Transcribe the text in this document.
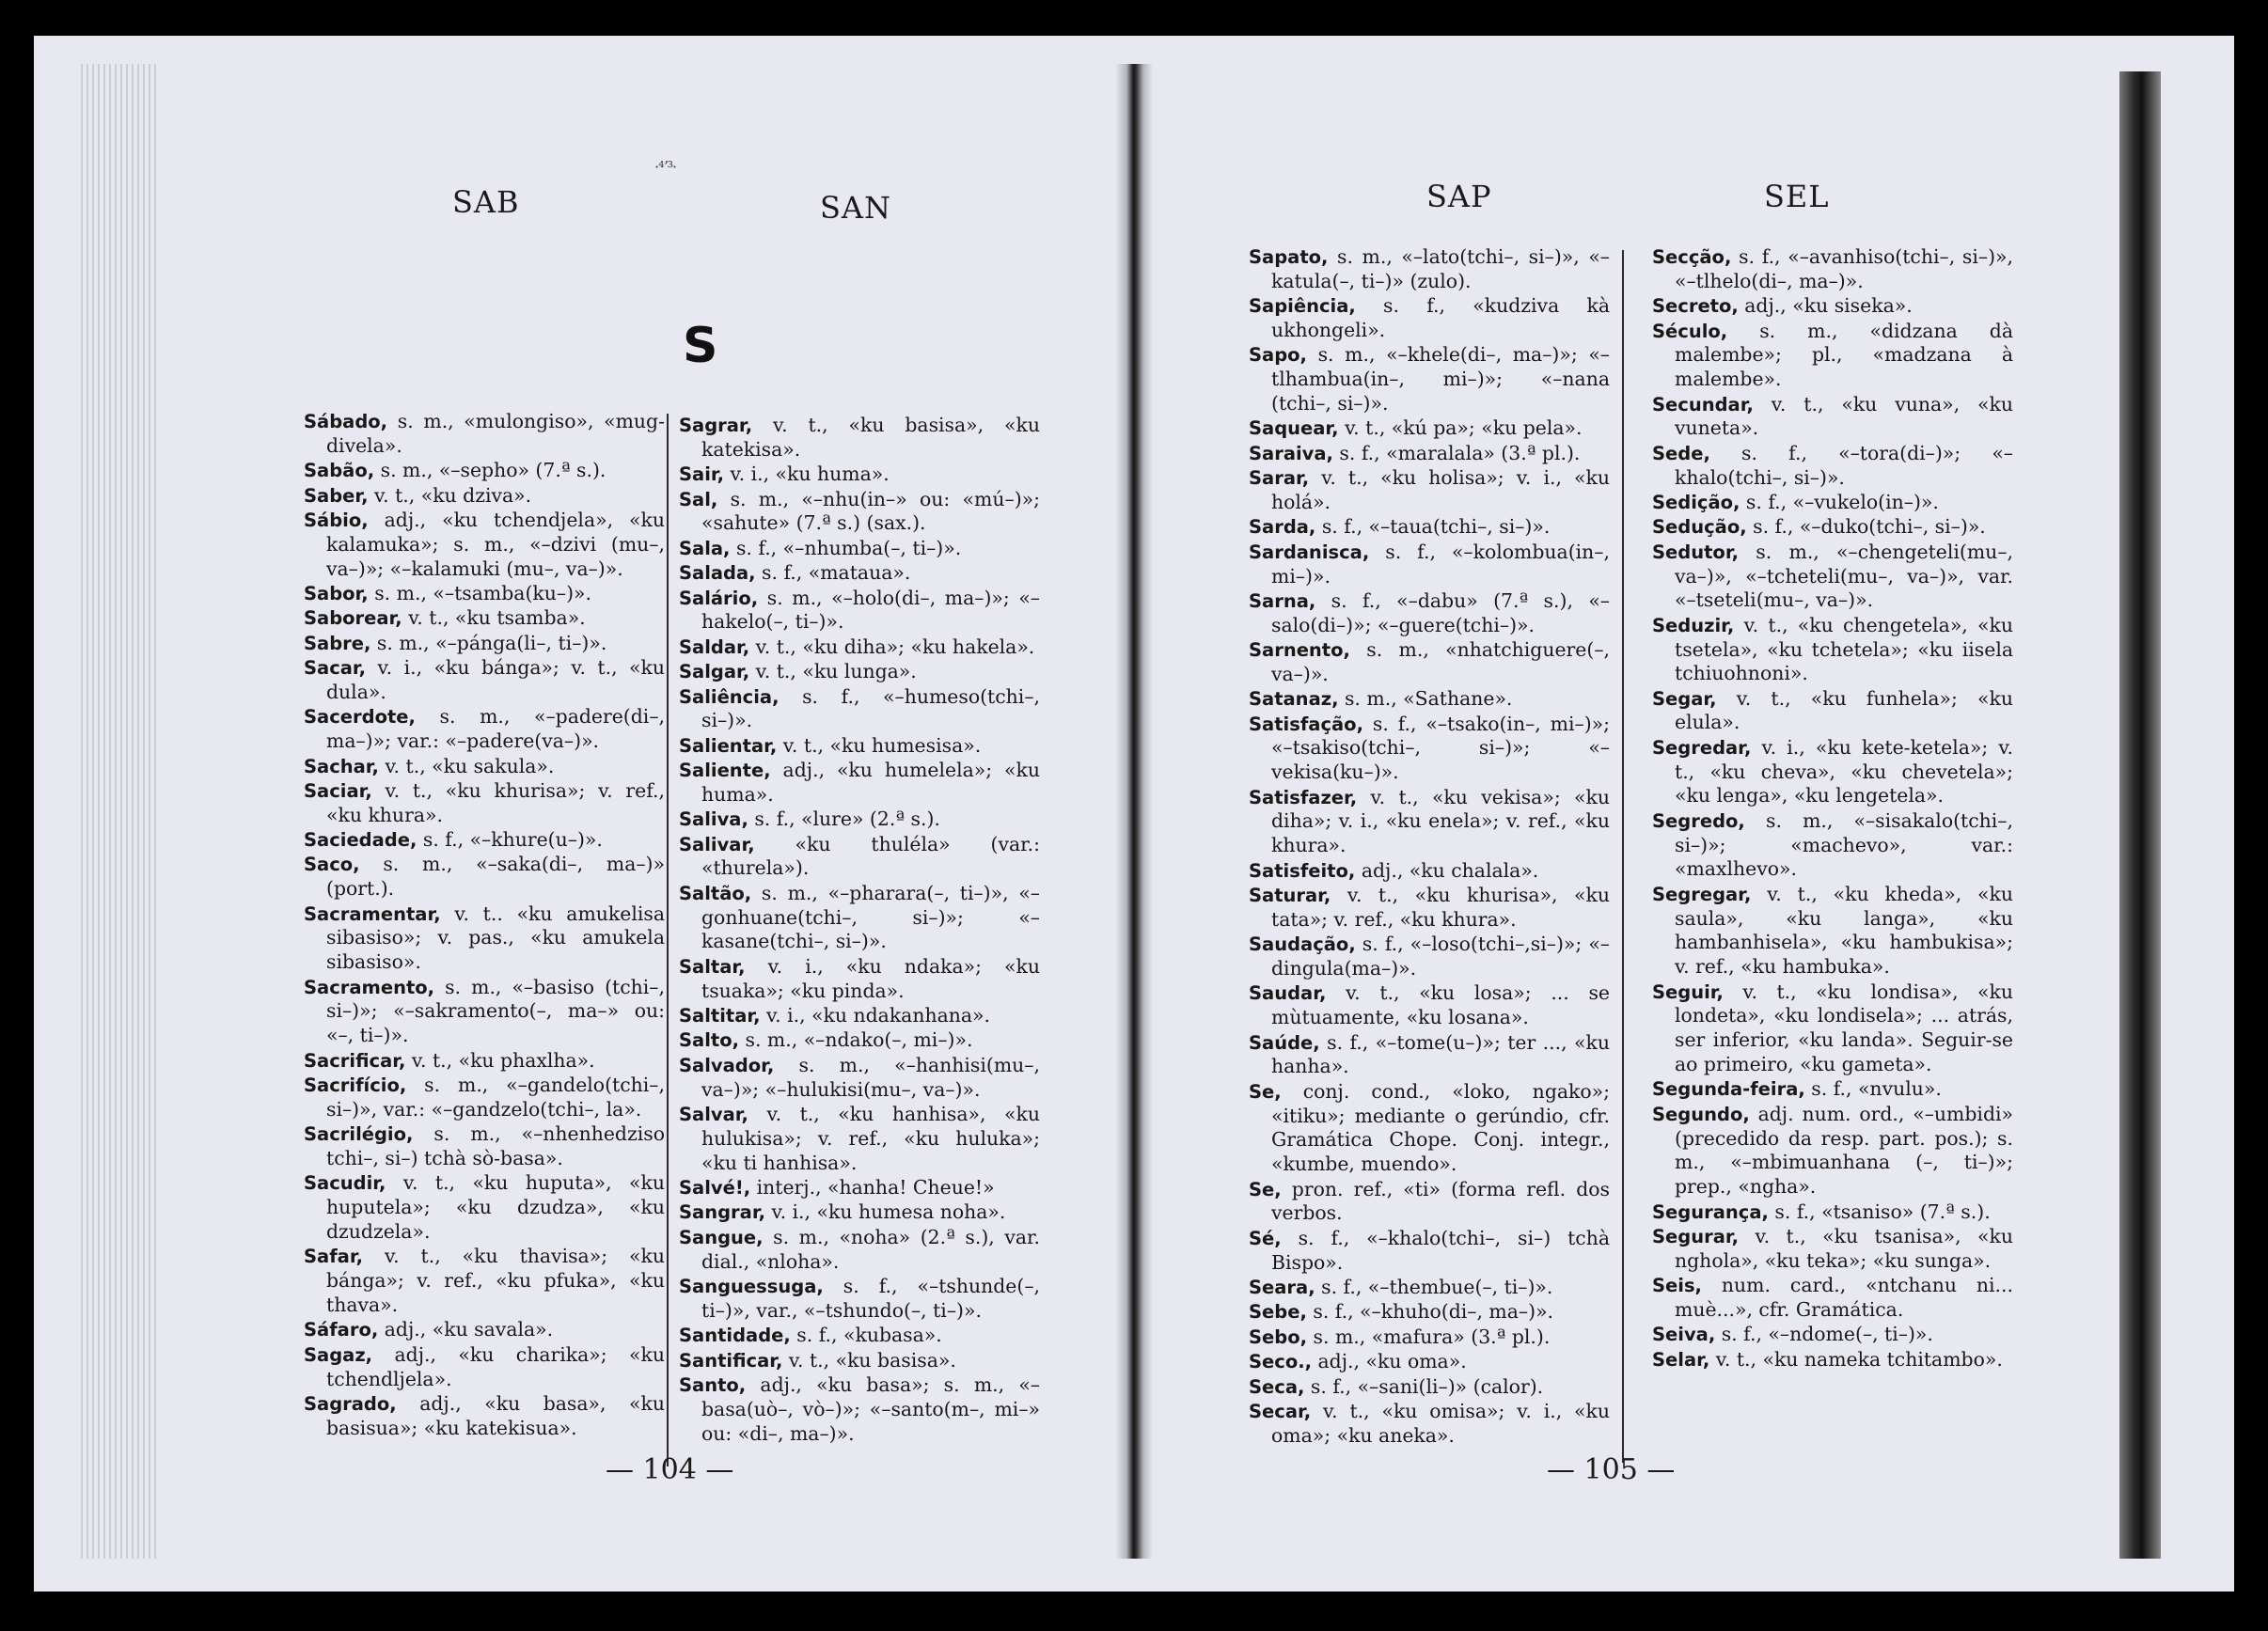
·⁴ʼ³·
SAB	SAN
S
Sábado, s. m., «mulongiso», «mug-divela».
Sabão, s. m., «–sepho» (7.ª s.).
Saber, v. t., «ku dziva».
Sábio, adj., «ku tchendjela», «ku kalamuka»; s. m., «–dzivi (mu–, va–)»; «–kalamuki (mu–, va–)».
Sabor, s. m., «–tsamba(ku–)».
Saborear, v. t., «ku tsamba».
Sabre, s. m., «–pánga(li–, ti–)».
Sacar, v. i., «ku bánga»; v. t., «ku dula».
Sacerdote, s. m., «–padere(di–, ma–)»; var.: «–padere(va–)».
Sachar, v. t., «ku sakula».
Saciar, v. t., «ku khurisa»; v. ref., «ku khura».
Saciedade, s. f., «–khure(u–)».
Saco, s. m., «–saka(di–, ma–)» (port.).
Sacramentar, v. t.. «ku amukelisa sibasiso»; v. pas., «ku amukela sibasiso».
Sacramento, s. m., «–basiso (tchi–, si–)»; «–sakramento(–, ma–» ou: «–, ti–)».
Sacrificar, v. t., «ku phaxlha».
Sacrifício, s. m., «–gandelo(tchi–, si–)», var.: «–gandzelo(tchi–, la».
Sacrilégio, s. m., «–nhenhedziso tchi–, si–) tchà sò-basa».
Sacudir, v. t., «ku huputa», «ku huputela»; «ku dzudza», «ku dzudzela».
Safar, v. t., «ku thavisa»; «ku bánga»; v. ref., «ku pfuka», «ku thava».
Sáfaro, adj., «ku savala».
Sagaz, adj., «ku charika»; «ku tchendljela».
Sagrado, adj., «ku basa», «ku basisua»; «ku katekisua».
Sagrar, v. t., «ku basisa», «ku katekisa».
Sair, v. i., «ku huma».
Sal, s. m., «–nhu(in–» ou: «mú–)»; «sahute» (7.ª s.) (sax.).
Sala, s. f., «–nhumba(–, ti–)».
Salada, s. f., «mataua».
Salário, s. m., «–holo(di–, ma–)»; «–hakelo(–, ti–)».
Saldar, v. t., «ku diha»; «ku hakela».
Salgar, v. t., «ku lunga».
Saliência, s. f., «–humeso(tchi–, si–)».
Salientar, v. t., «ku humesisa».
Saliente, adj., «ku humelela»; «ku huma».
Saliva, s. f., «lure» (2.ª s.).
Salivar, «ku thuléla» (var.: «thurela»).
Saltão, s. m., «–pharara(–, ti–)», «–gonhuane(tchi–, si–)»; «–kasane(tchi–, si–)».
Saltar, v. i., «ku ndaka»; «ku tsuaka»; «ku pinda».
Saltitar, v. i., «ku ndakanhana».
Salto, s. m., «–ndako(–, mi–)».
Salvador, s. m., «–hanhisi(mu–, va–)»; «–hulukisi(mu–, va–)».
Salvar, v. t., «ku hanhisa», «ku hulukisa»; v. ref., «ku huluka»; «ku ti hanhisa».
Salvé!, interj., «hanha! Cheue!»
Sangrar, v. i., «ku humesa noha».
Sangue, s. m., «noha» (2.ª s.), var. dial., «nloha».
Sanguessuga, s. f., «–tshunde(–, ti–)», var., «–tshundo(–, ti–)».
Santidade, s. f., «kubasa».
Santificar, v. t., «ku basisa».
Santo, adj., «ku basa»; s. m., «–basa(uò–, vò–)»; «–santo(m–, mi–» ou: «di–, ma–)».
— 104 —
SAP	SEL
Sapato, s. m., «–lato(tchi–, si–)», «–katula(–, ti–)» (zulo).
Sapiência, s. f., «kudziva kà ukhongeli».
Sapo, s. m., «–khele(di–, ma–)»; «–tlhambua(in–, mi–)»; «–nana (tchi–, si–)».
Saquear, v. t., «kú pa»; «ku pela».
Saraiva, s. f., «maralala» (3.ª pl.).
Sarar, v. t., «ku holisa»; v. i., «ku holá».
Sarda, s. f., «–taua(tchi–, si–)».
Sardanisca, s. f., «–kolombua(in–, mi–)».
Sarna, s. f., «–dabu» (7.ª s.), «–salo(di–)»; «–guere(tchi–)».
Sarnento, s. m., «nhatchiguere(–, va–)».
Satanaz, s. m., «Sathane».
Satisfação, s. f., «–tsako(in–, mi–)»; «–tsakiso(tchi–, si–)»; «–vekisa(ku–)».
Satisfazer, v. t., «ku vekisa»; «ku diha»; v. i., «ku enela»; v. ref., «ku khura».
Satisfeito, adj., «ku chalala».
Saturar, v. t., «ku khurisa», «ku tata»; v. ref., «ku khura».
Saudação, s. f., «–loso(tchi–,si–)»; «–dingula(ma–)».
Saudar, v. t., «ku losa»; ... se mùtuamente, «ku losana».
Saúde, s. f., «–tome(u–)»; ter ..., «ku hanha».
Se, conj. cond., «loko, ngako»; «itiku»; mediante o gerúndio, cfr. Gramática Chope. Conj. integr., «kumbe, muendo».
Se, pron. ref., «ti» (forma refl. dos verbos.
Sé, s. f., «–khalo(tchi–, si–) tchà Bispo».
Seara, s. f., «–thembue(–, ti–)».
Sebe, s. f., «–khuho(di–, ma–)».
Sebo, s. m., «mafura» (3.ª pl.).
Seco., adj., «ku oma».
Seca, s. f., «–sani(li–)» (calor).
Secar, v. t., «ku omisa»; v. i., «ku oma»; «ku aneka».
Secção, s. f., «–avanhiso(tchi–, si–)», «–tlhelo(di–, ma–)».
Secreto, adj., «ku siseka».
Século, s. m., «didzana dà malembe»; pl., «madzana à malembe».
Secundar, v. t., «ku vuna», «ku vuneta».
Sede, s. f., «–tora(di–)»; «–khalo(tchi–, si–)».
Sedição, s. f., «–vukelo(in–)».
Sedução, s. f., «–duko(tchi–, si–)».
Sedutor, s. m., «–chengeteli(mu–, va–)», «–tcheteli(mu–, va–)», var. «–tseteli(mu–, va–)».
Seduzir, v. t., «ku chengetela», «ku tsetela», «ku tchetela»; «ku iisela tchiuohnoni».
Segar, v. t., «ku funhela»; «ku elula».
Segredar, v. i., «ku kete-ketela»; v. t., «ku cheva», «ku chevetela»; «ku lenga», «ku lengetela».
Segredo, s. m., «–sisakalo(tchi–, si–)»; «machevo», var.: «maxlhevo».
Segregar, v. t., «ku kheda», «ku saula», «ku langa», «ku hambanhisela», «ku hambukisa»; v. ref., «ku hambuka».
Seguir, v. t., «ku londisa», «ku londeta», «ku londisela»; ... atrás, ser inferior, «ku landa». Seguir-se ao primeiro, «ku gameta».
Segunda-feira, s. f., «nvulu».
Segundo, adj. num. ord., «–umbidi» (precedido da resp. part. pos.); s. m., «–mbimuanhana (–, ti–)»; prep., «ngha».
Segurança, s. f., «tsaniso» (7.ª s.).
Segurar, v. t., «ku tsanisa», «ku nghola», «ku teka»; «ku sunga».
Seis, num. card., «ntchanu ni... muè...», cfr. Gramática.
Seiva, s. f., «–ndome(–, ti–)».
Selar, v. t., «ku nameka tchitambo».
— 105 —
